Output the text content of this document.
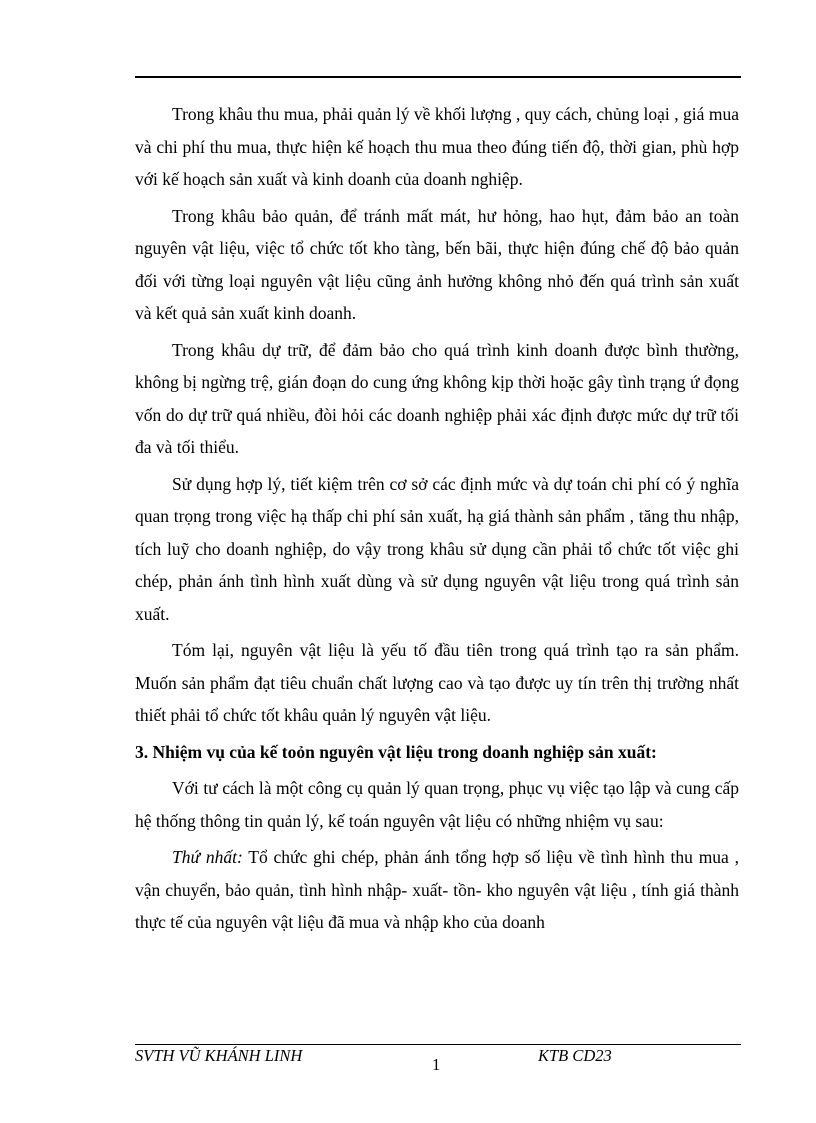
Trong khâu thu mua, phải quản lý về khối lượng , quy cách, chủng loại , giá mua và chi phí thu mua, thực hiện kế hoạch thu mua theo đúng tiến độ, thời gian, phù hợp với kế hoạch sản xuất và kinh doanh của doanh nghiệp.

Trong khâu bảo quản, để tránh mất mát, hư hỏng, hao hụt, đảm bảo an toàn nguyên vật liệu, việc tổ chức tốt kho tàng, bến bãi, thực hiện đúng chế độ bảo quản đối với từng loại nguyên vật liệu cũng ảnh hưởng không nhỏ đến quá trình sản xuất và kết quả sản xuất kinh doanh.

Trong khâu dự trữ, để đảm bảo cho quá trình kinh doanh được bình thường, không bị ngừng trệ, gián đoạn do cung ứng không kịp thời hoặc gây tình trạng ứ đọng vốn do dự trữ quá nhiều, đòi hỏi các doanh nghiệp phải xác định được mức dự trữ tối đa và tối thiểu.

Sử dụng hợp lý, tiết kiệm trên cơ sở các định mức và dự toán chi phí có ý nghĩa quan trọng trong việc hạ thấp chi phí sản xuất, hạ giá thành sản phẩm , tăng thu nhập, tích luỹ cho doanh nghiệp, do vậy trong khâu sử dụng cần phải tổ chức tốt việc ghi chép, phản ánh tình hình xuất dùng và sử dụng nguyên vật liệu trong quá trình sản xuất.

Tóm lại, nguyên vật liệu là yếu tố đầu tiên trong quá trình tạo ra sản phẩm. Muốn sản phẩm đạt tiêu chuẩn chất lượng cao và tạo được uy tín trên thị trường nhất thiết phải tổ chức tốt khâu quản lý nguyên vật liệu.

3. Nhiệm vụ của kế toỏn nguyên vật liệu trong doanh nghiệp sản xuất:

Với tư cách là một công cụ quản lý quan trọng, phục vụ việc tạo lập và cung cấp hệ thống thông tin quản lý, kế toán nguyên vật liệu có những nhiệm vụ sau:

Thứ nhất: Tổ chức ghi chép, phản ánh tổng hợp số liệu về tình hình thu mua , vận chuyển, bảo quản, tình hình nhập- xuất- tồn- kho nguyên vật liệu , tính giá thành thực tế của nguyên vật liệu đã mua và nhập kho của doanh

SVTH VŨ KHÁNH LINH	1	KTB CD23
